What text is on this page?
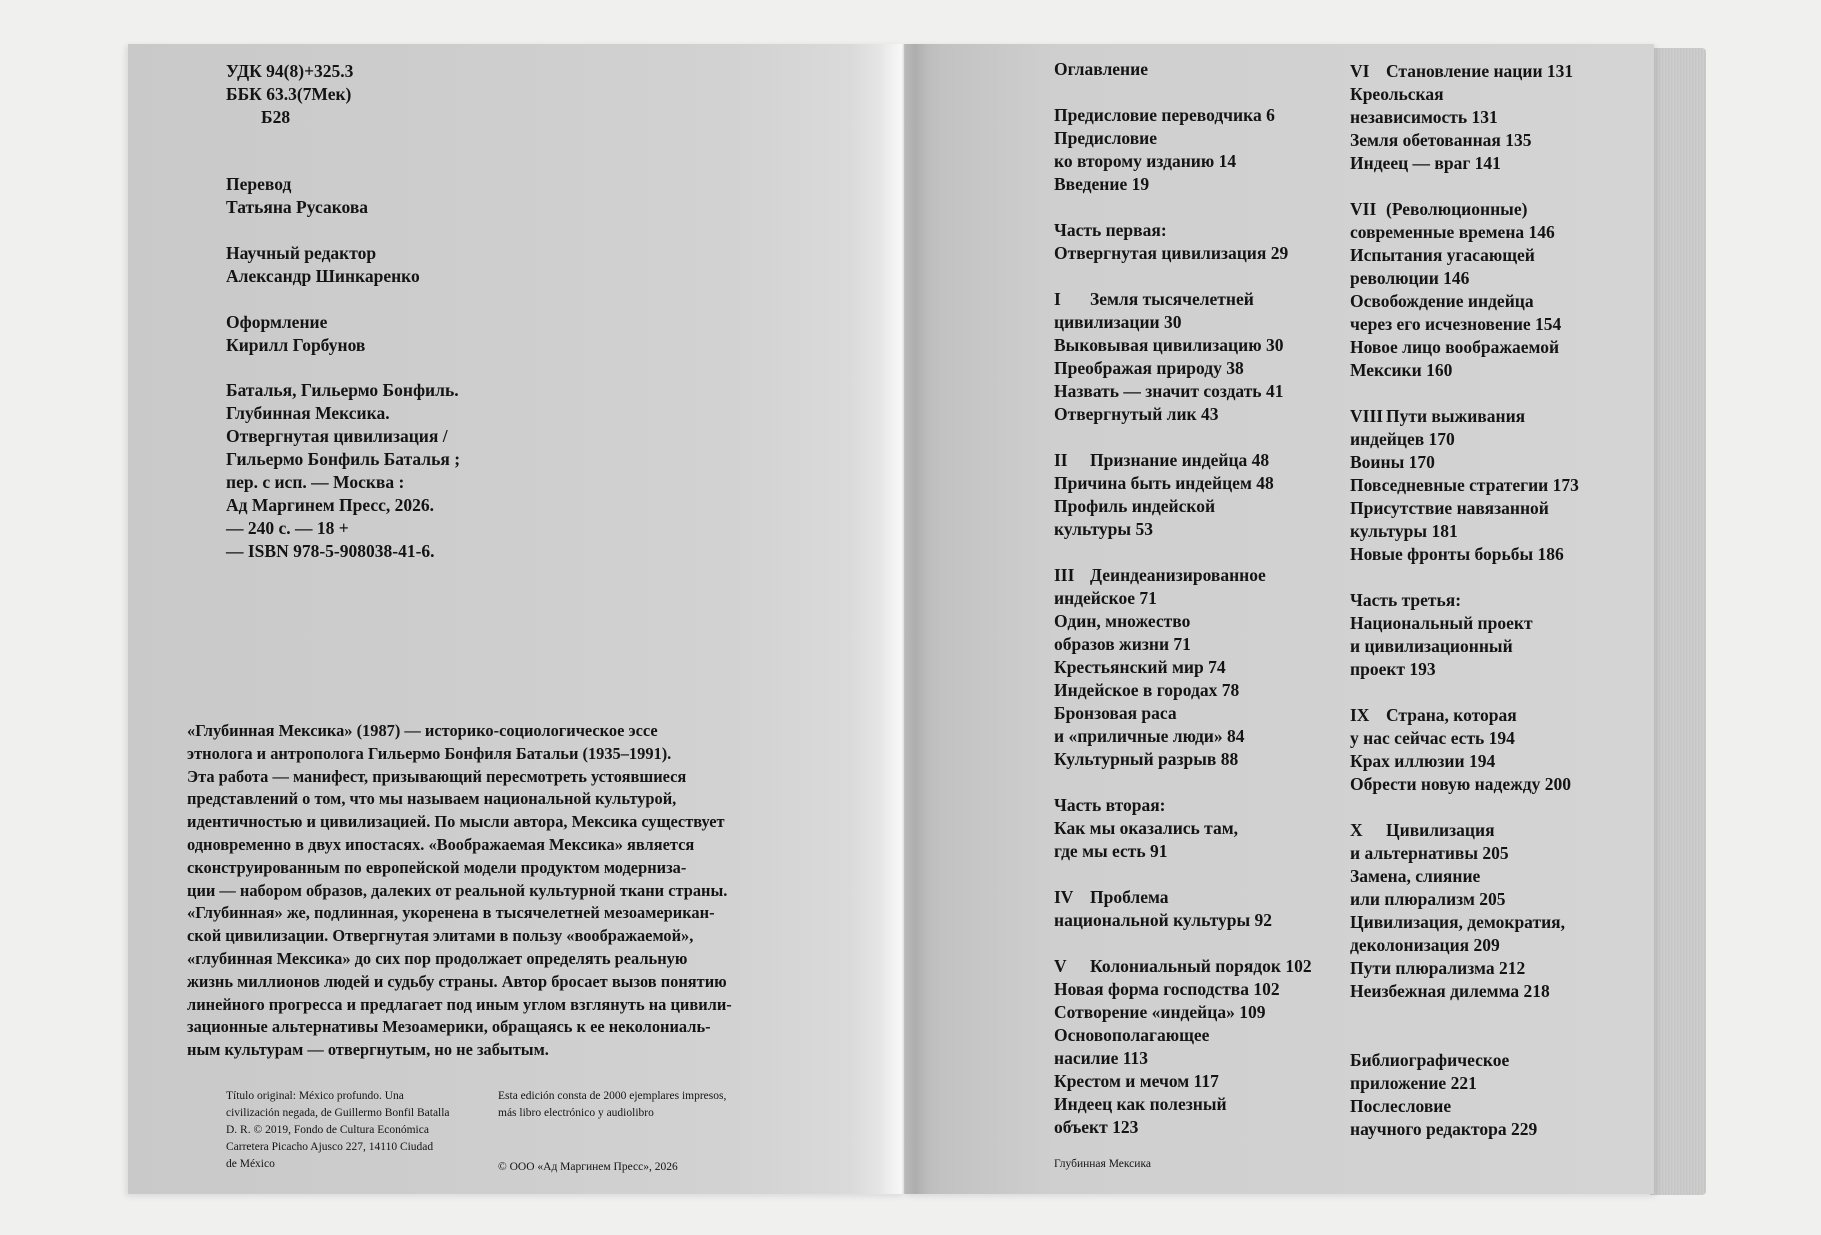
УДК 94(8)+325.3
ББК 63.3(7Мек)
Б28
Перевод
Татьяна Русакова
Научный редактор
Александр Шинкаренко
Оформление
Кирилл Горбунов
Баталья, Гильермо Бонфиль.
Глубинная Мексика.
Отвергнутая цивилизация /
Гильермо Бонфиль Баталья ;
пер. с исп. — Москва :
Ад Маргинем Пресс, 2026.
— 240 с. — 18 +
— ISBN 978-5-908038-41-6.
«Глубинная Мексика» (1987) — историко-социологическое эссе
этнолога и антрополога Гильермо Бонфиля Батальи (1935–1991).
Эта работа — манифест, призывающий пересмотреть устоявшиеся
представлений о том, что мы называем национальной культурой,
идентичностью и цивилизацией. По мысли автора, Мексика существует
одновременно в двух ипостасях. «Воображаемая Мексика» является
сконструированным по европейской модели продуктом модерниза-
ции — набором образов, далеких от реальной культурной ткани страны.
«Глубинная» же, подлинная, укоренена в тысячелетней мезоамерикан-
ской цивилизации. Отвергнутая элитами в пользу «воображаемой»,
«глубинная Мексика» до сих пор продолжает определять реальную
жизнь миллионов людей и судьбу страны. Автор бросает вызов понятию
линейного прогресса и предлагает под иным углом взглянуть на цивили-
зационные альтернативы Мезоамерики, обращаясь к ее неколониаль-
ным культурам — отвергнутым, но не забытым.
Título original: México profundo. Una
civilización negada, de Guillermo Bonfil Batalla
D. R. © 2019, Fondo de Cultura Económica
Carretera Picacho Ajusco 227, 14110 Ciudad
de México
Esta edición consta de 2000 ejemplares impresos,
más libro electrónico y audiolibro
© ООО «Ад Маргинем Пресс», 2026
Оглавление
Предисловие переводчика 6
Предисловие
ко второму изданию 14
Введение 19
Часть первая:
Отвергнутая цивилизация 29
I Земля тысячелетней
цивилизации 30
Выковывая цивилизацию 30
Преображая природу 38
Назвать — значит создать 41
Отвергнутый лик 43
II Признание индейца 48
Причина быть индейцем 48
Профиль индейской
культуры 53
III Деиндеанизированное
индейское 71
Один, множество
образов жизни 71
Крестьянский мир 74
Индейское в городах 78
Бронзовая раса
и «приличные люди» 84
Культурный разрыв 88
Часть вторая:
Как мы оказались там,
где мы есть 91
IV Проблема
национальной культуры 92
V Колониальный порядок 102
Новая форма господства 102
Сотворение «индейца» 109
Основополагающее
насилие 113
Крестом и мечом 117
Индеец как полезный
объект 123
VI Становление нации 131
Креольская
независимость 131
Земля обетованная 135
Индеец — враг 141
VII (Революционные)
современные времена 146
Испытания угасающей
революции 146
Освобождение индейца
через его исчезновение 154
Новое лицо воображаемой
Мексики 160
VIII Пути выживания
индейцев 170
Воины 170
Повседневные стратегии 173
Присутствие навязанной
культуры 181
Новые фронты борьбы 186
Часть третья:
Национальный проект
и цивилизационный
проект 193
IX Страна, которая
у нас сейчас есть 194
Крах иллюзии 194
Обрести новую надежду 200
X Цивилизация
и альтернативы 205
Замена, слияние
или плюрализм 205
Цивилизация, демократия,
деколонизация 209
Пути плюрализма 212
Неизбежная дилемма 218
Библиографическое
приложение 221
Послесловие
научного редактора 229
Глубинная Мексика
